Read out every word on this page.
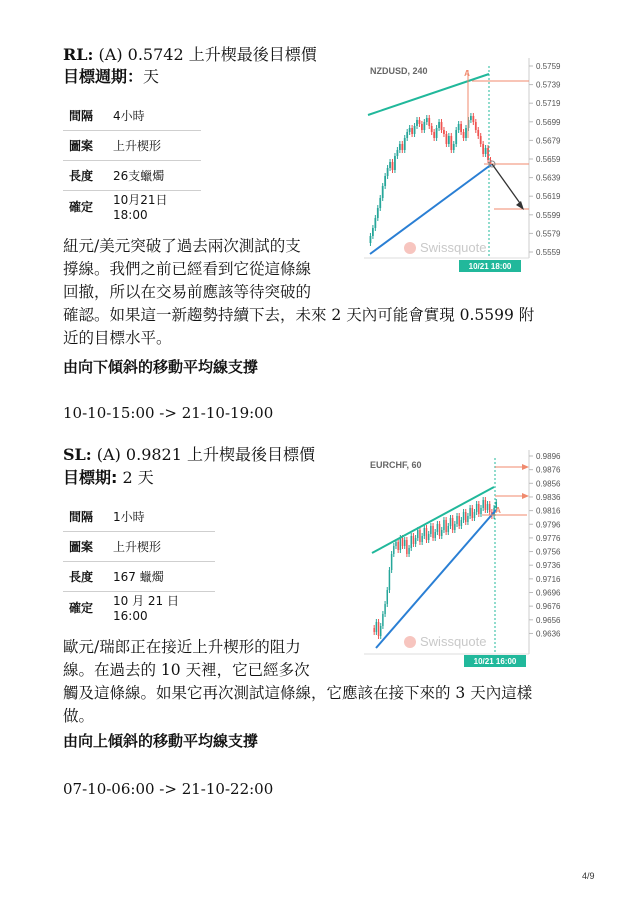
RL: (A) 0.5742 上升楔最後目標價
目標週期：天
間隔	4小時
圖案	上升楔形
長度	26支蠟燭
確定	10月21日18:00
紐元/美元突破了過去兩次測試的支
撐線。我們之前已經看到它從這條線
回撤，所以在交易前應該等待突破的
確認。如果這一新趨勢持續下去，未來 2 天內可能會實現 0.5599 附
近的目標水平。
由向下傾斜的移動平均線支撐
10-10-15:00 -> 21-10-19:00
NZDUSD, 240	0.5759
0.5739
0.5719
0.5699
0.5679
0.5659
0.5639
0.5619
0.5599
0.5579
0.5559
A
Swissquote
10/21 18:00
SL: (A) 0.9821 上升楔最後目標價
目標期: 2 天
間隔	1小時
圖案	上升楔形
長度	167 蠟燭
確定	10 月 21 日 16:00
歐元/瑞郎正在接近上升楔形的阻力
線。在過去的 10 天裡，它已經多次
觸及這條線。如果它再次測試這條線，它應該在接下來的 3 天內這樣
做。
由向上傾斜的移動平均線支撐
07-10-06:00 -> 21-10-22:00
EURCHF, 60
0.9896
0.9876
0.9856
0.9836
0.9816
0.9796
0.9776
0.9756
0.9736
0.9716
0.9696
0.9676
0.9656
0.9636
A
Swissquote
10/21 16:00
4/9
